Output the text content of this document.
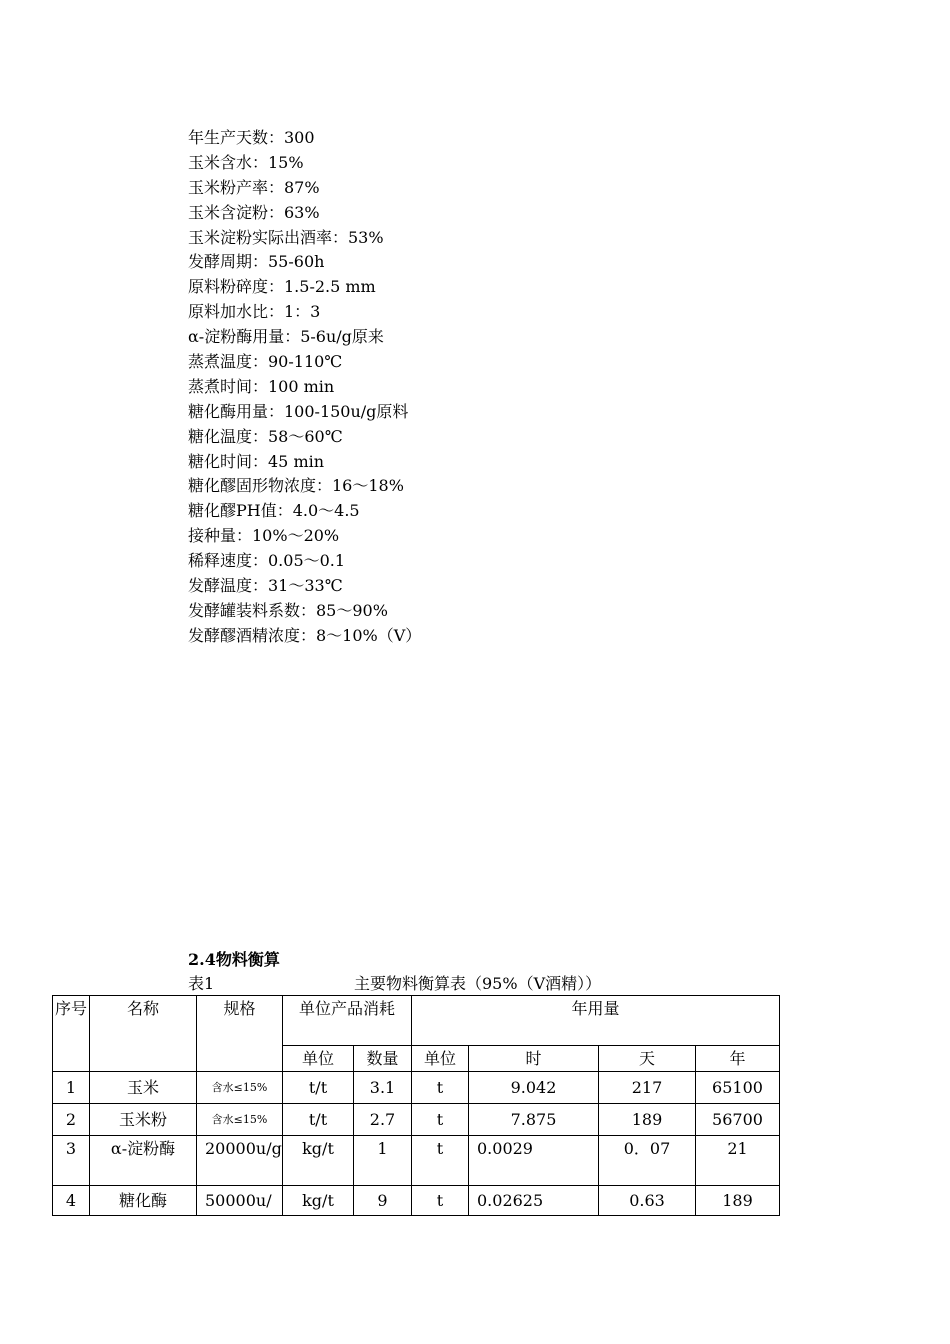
年生产天数：300
玉米含水：15%
玉米粉产率：87%
玉米含淀粉：63%
玉米淀粉实际出酒率：53%
发酵周期：55-60h
原料粉碎度：1.5-2.5 mm
原料加水比：1：3
α-淀粉酶用量：5-6u/g原来
蒸煮温度：90-110℃
蒸煮时间：100 min
糖化酶用量：100-150u/g原料
糖化温度：58～60℃
糖化时间：45 min
糖化醪固形物浓度：16～18%
糖化醪PH值：4.0～4.5
接种量：10%～20%
稀释速度：0.05～0.1
发酵温度：31～33℃
发酵罐装料系数：85～90%
发酵醪酒精浓度：8～10%（V）
2.4物料衡算
表1	主要物料衡算表（95%（V酒精））
序号	名称	规格	单位产品消耗		年用量			
			单位	数量	单位	时	天	年
1	玉米	含水≤15%	t/t	3.1	t	9.042	217	65100
2	玉米粉	含水≤15%	t/t	2.7	t	7.875	189	56700
3	α-淀粉酶	20000u/g	kg/t	1	t	0.0029	0．07	21
4	糖化酶	50000u/	kg/t	9	t	0.02625	0.63	189
